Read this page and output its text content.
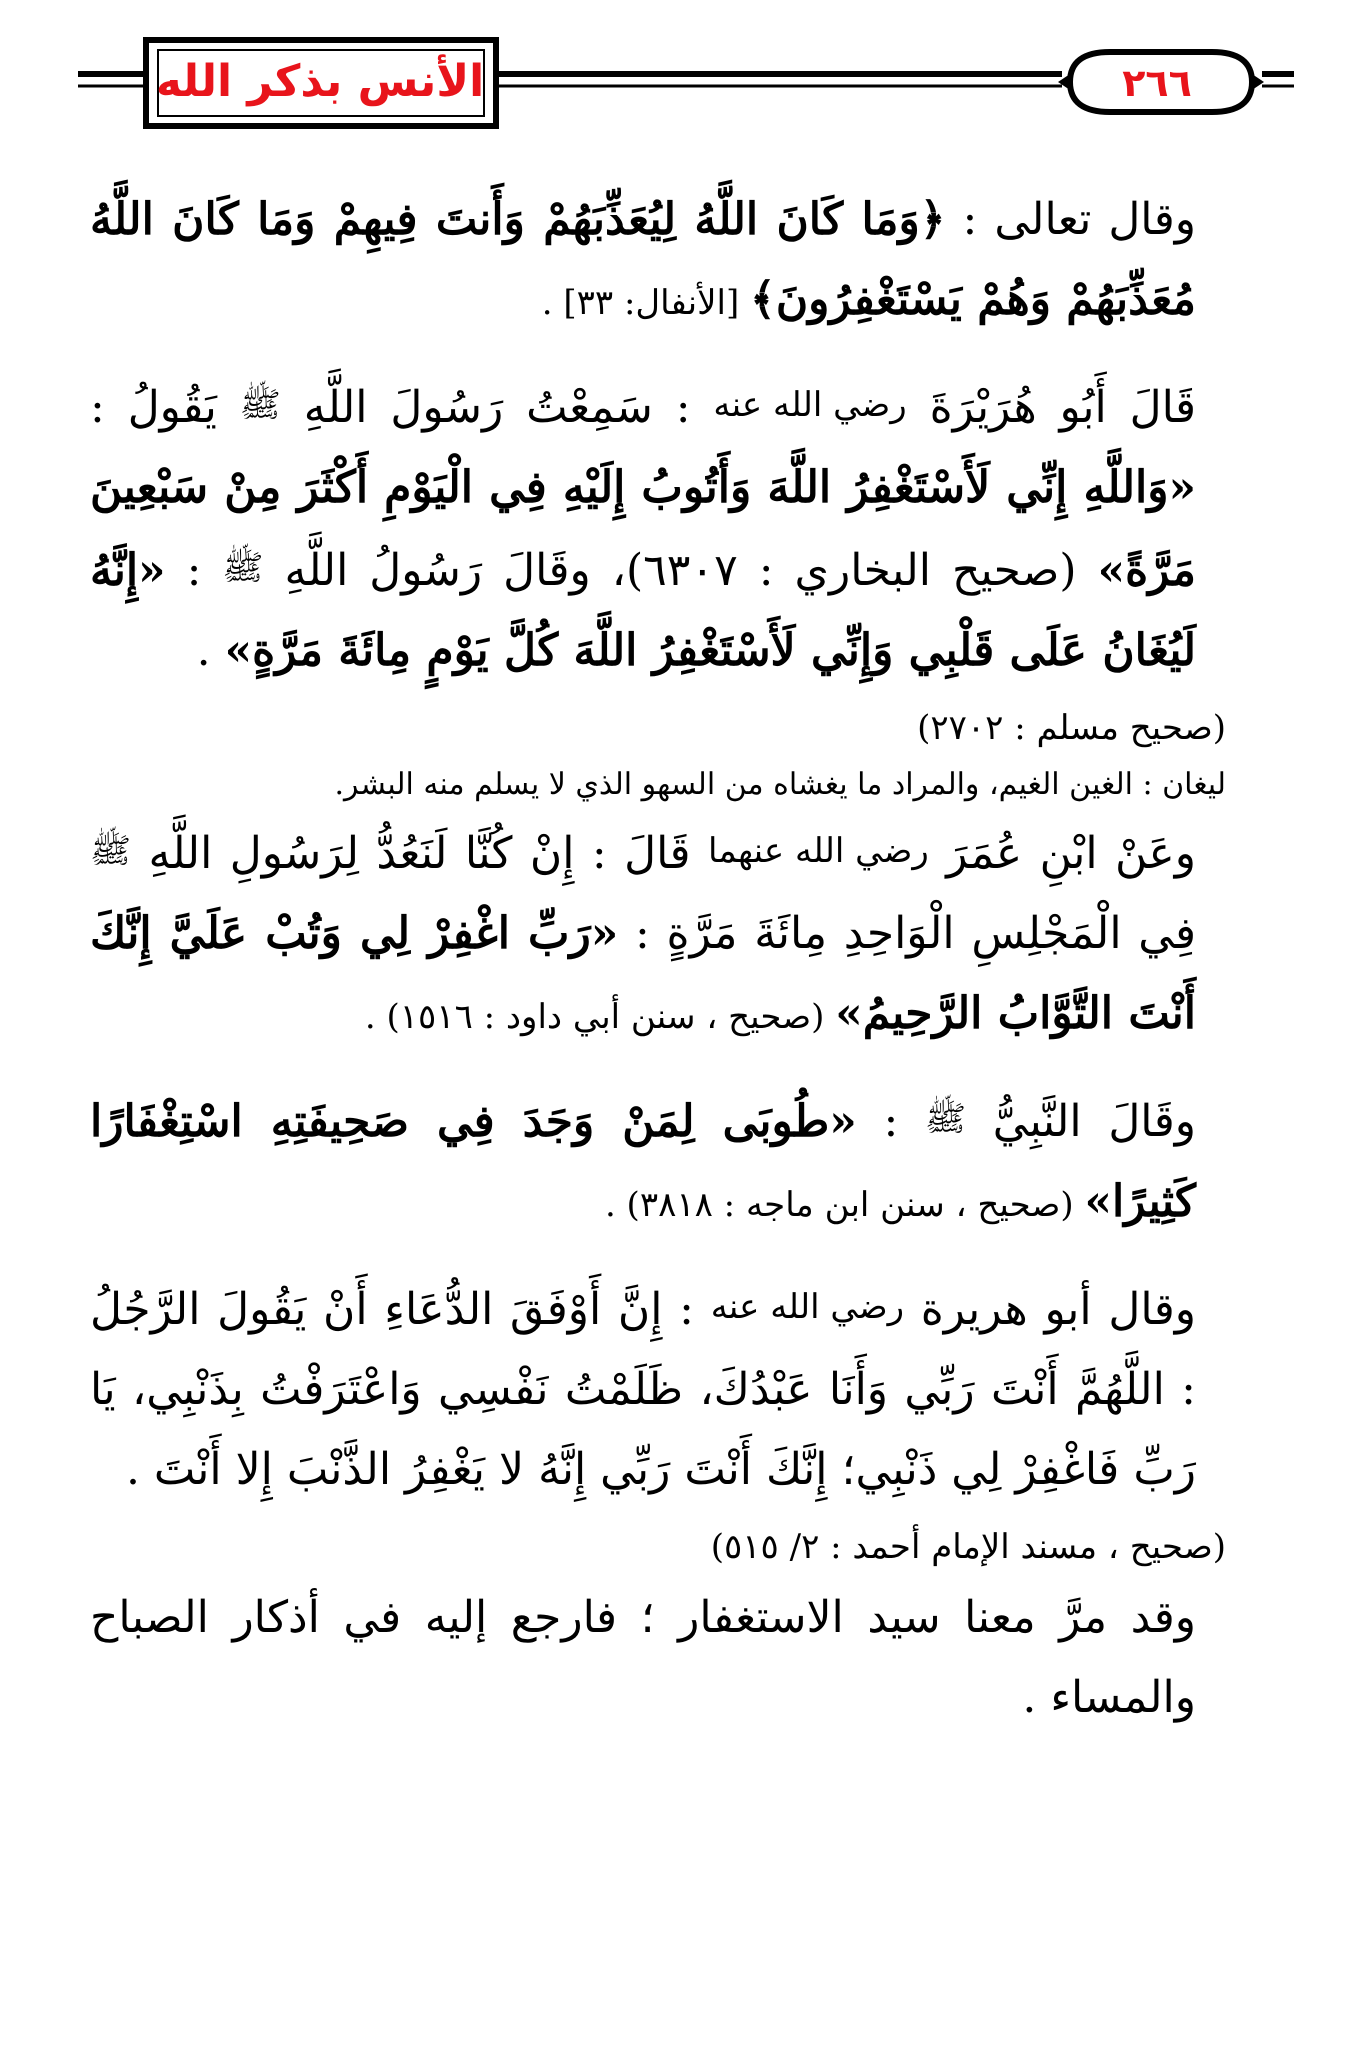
الأنس بذكر الله	٢٦٦

وقال تعالى : ﴿وَمَا كَانَ اللَّهُ لِيُعَذِّبَهُمْ وَأَنتَ فِيهِمْ وَمَا كَانَ اللَّهُ مُعَذِّبَهُمْ وَهُمْ يَسْتَغْفِرُونَ﴾ [الأنفال: ٣٣] .

قَالَ أَبُو هُرَيْرَةَ رضي الله عنه : سَمِعْتُ رَسُولَ اللَّهِ ﷺ يَقُولُ : «وَاللَّهِ إِنِّي لَأَسْتَغْفِرُ اللَّهَ وَأَتُوبُ إِلَيْهِ فِي الْيَوْمِ أَكْثَرَ مِنْ سَبْعِينَ مَرَّةً» (صحيح البخاري : ٦٣٠٧)، وقَالَ رَسُولُ اللَّهِ ﷺ : «إِنَّهُ لَيُغَانُ عَلَى قَلْبِي وَإِنِّي لَأَسْتَغْفِرُ اللَّهَ كُلَّ يَوْمٍ مِائَةَ مَرَّةٍ» .

(صحيح مسلم : ٢٧٠٢)

ليغان : الغين الغيم، والمراد ما يغشاه من السهو الذي لا يسلم منه البشر.

وعَنْ ابْنِ عُمَرَ رضي الله عنهما قَالَ : إِنْ كُنَّا لَنَعُدُّ لِرَسُولِ اللَّهِ ﷺ فِي الْمَجْلِسِ الْوَاحِدِ مِائَةَ مَرَّةٍ : «رَبِّ اغْفِرْ لِي وَتُبْ عَلَيَّ إِنَّكَ أَنْتَ التَّوَّابُ الرَّحِيمُ» (صحيح ، سنن أبي داود : ١٥١٦) .

وقَالَ النَّبِيُّ ﷺ : «طُوبَى لِمَنْ وَجَدَ فِي صَحِيفَتِهِ اسْتِغْفَارًا كَثِيرًا» (صحيح ، سنن ابن ماجه : ٣٨١٨) .

وقال أبو هريرة رضي الله عنه : إِنَّ أَوْفَقَ الدُّعَاءِ أَنْ يَقُولَ الرَّجُلُ : اللَّهُمَّ أَنْتَ رَبِّي وَأَنَا عَبْدُكَ، ظَلَمْتُ نَفْسِي وَاعْتَرَفْتُ بِذَنْبِي، يَا رَبِّ فَاغْفِرْ لِي ذَنْبِي؛ إِنَّكَ أَنْتَ رَبِّي إِنَّهُ لا يَغْفِرُ الذَّنْبَ إِلا أَنْتَ .

(صحيح ، مسند الإمام أحمد : ٢/ ٥١٥)

وقد مرَّ معنا سيد الاستغفار ؛ فارجع إليه في أذكار الصباح والمساء .
